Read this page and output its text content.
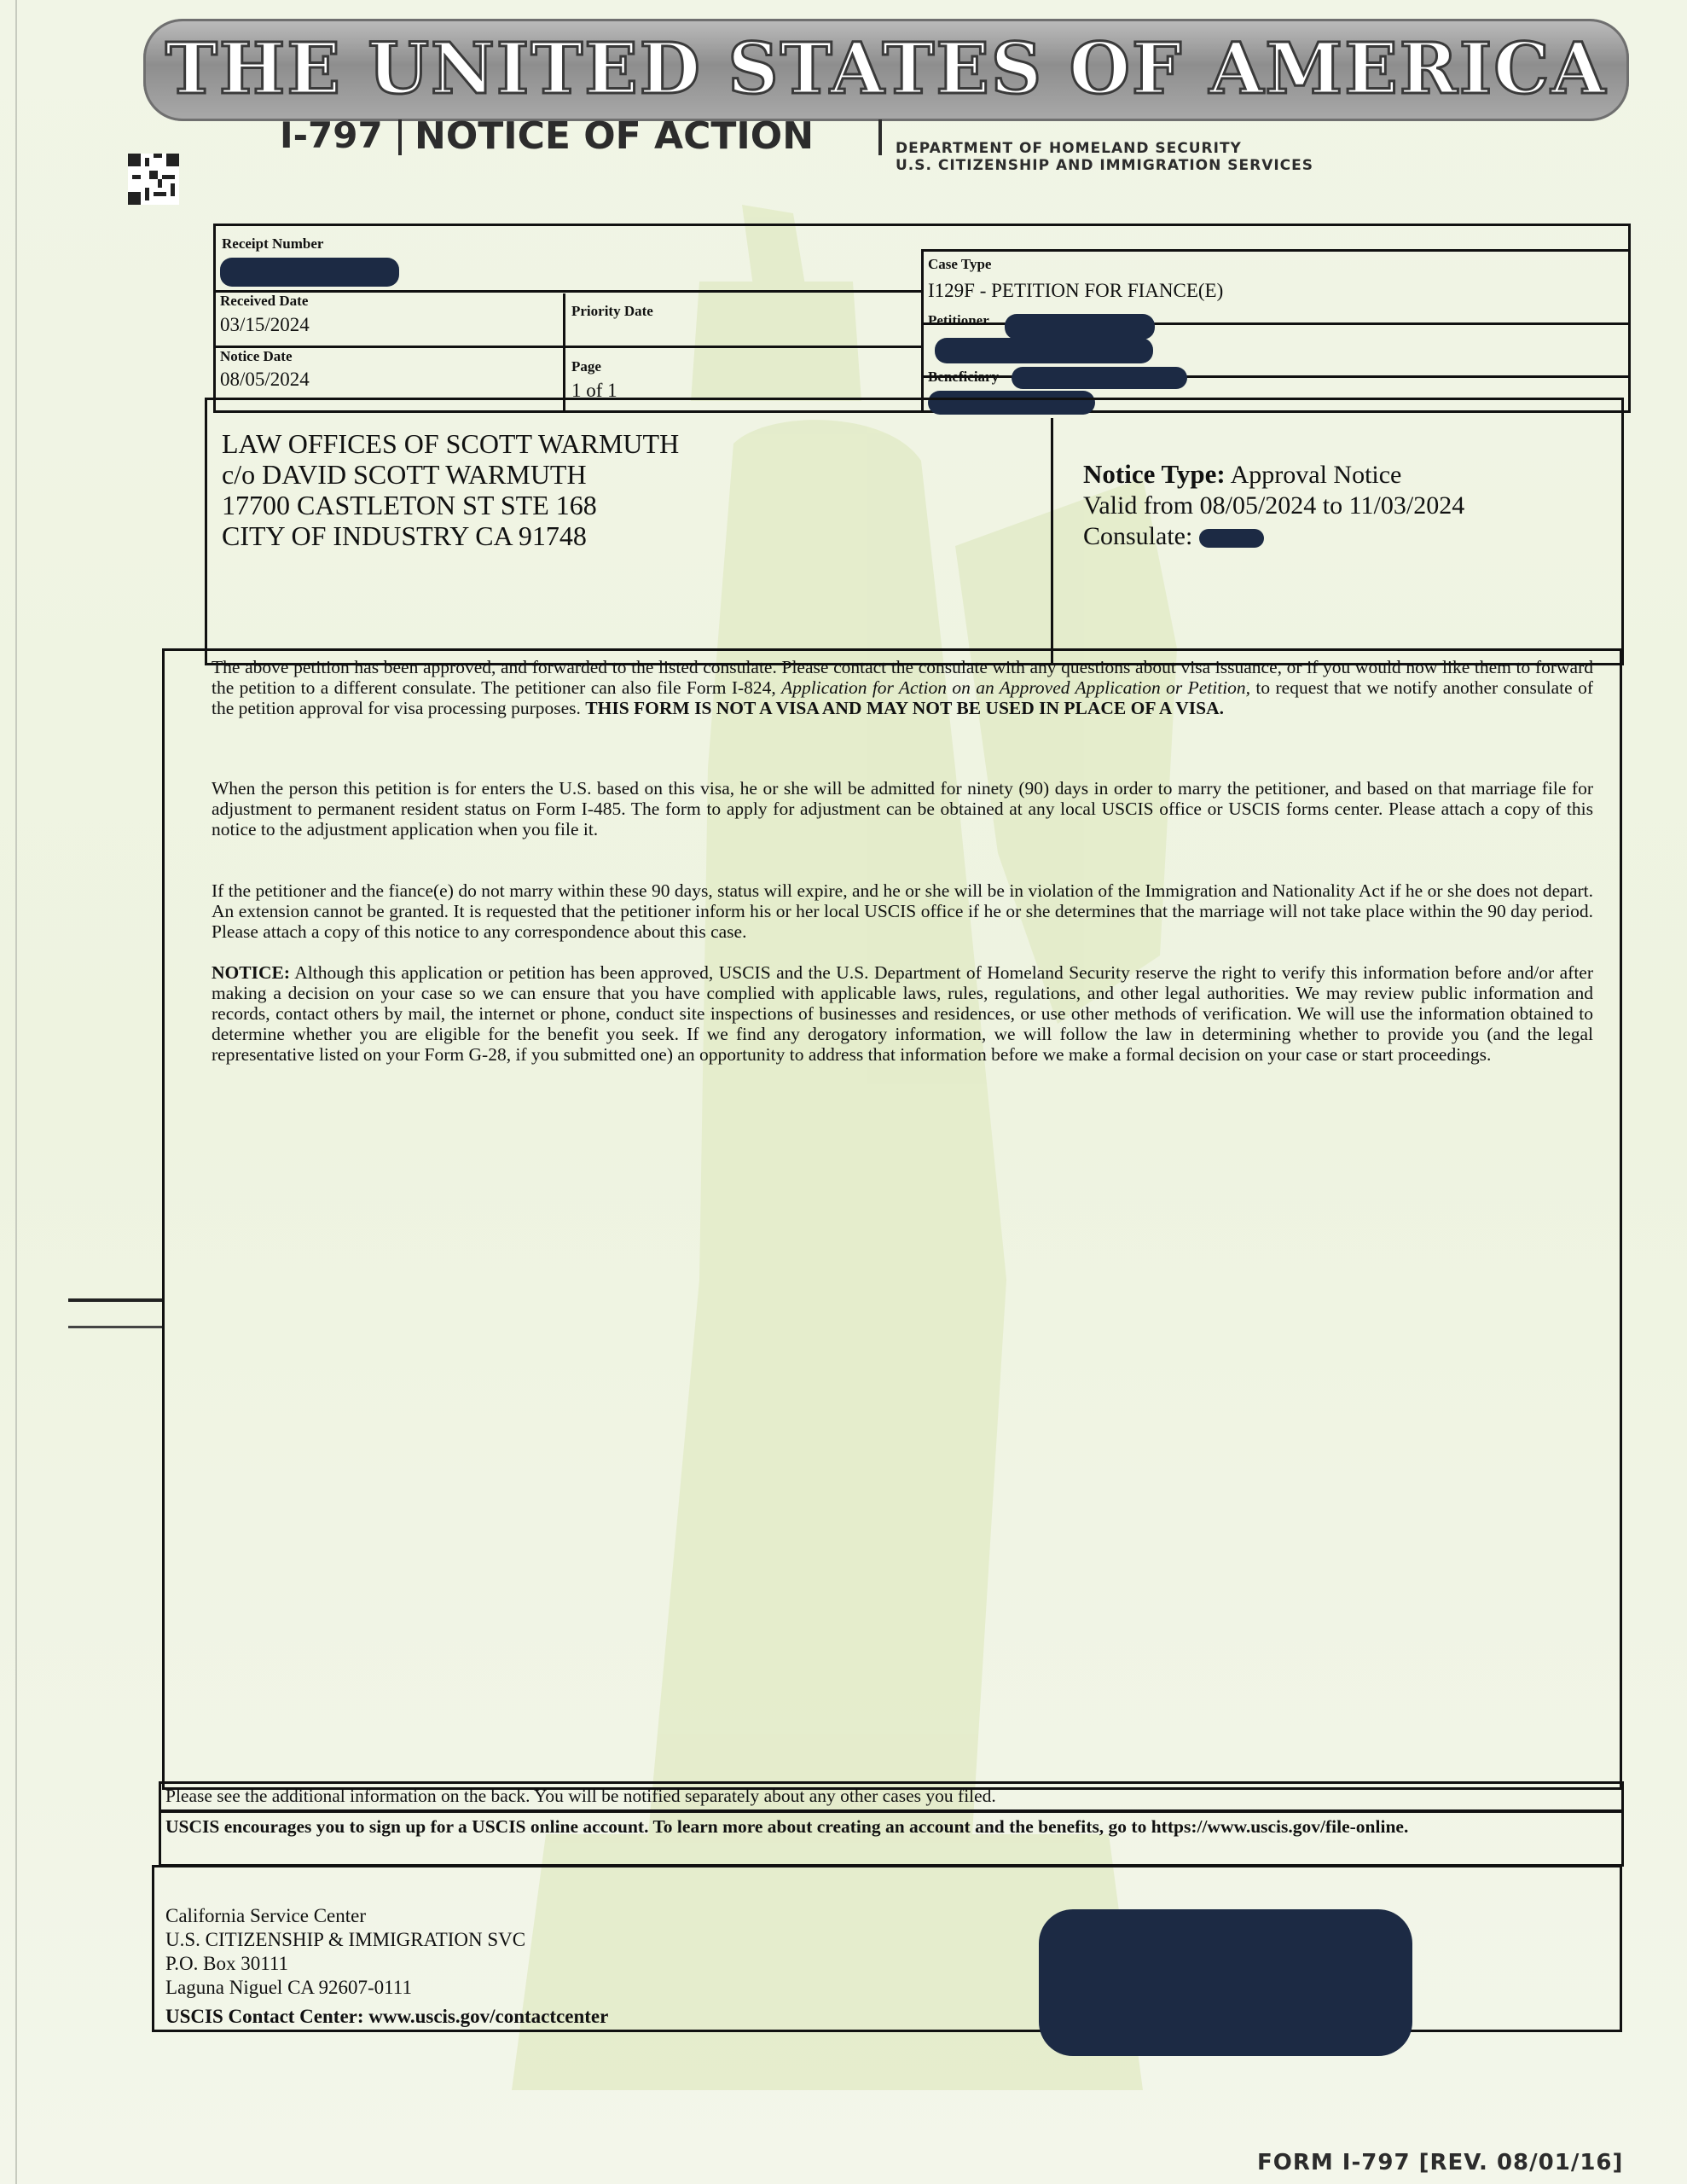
THE UNITED STATES OF AMERICA
I-797 NOTICE OF ACTION	DEPARTMENT OF HOMELAND SECURITY
U.S. CITIZENSHIP AND IMMIGRATION SERVICES
Receipt Number
Case Type
I129F - PETITION FOR FIANCE(E)
Received Date
03/15/2024
Priority Date
Petitioner
Notice Date
08/05/2024
Page
1 of 1
Beneficiary
LAW OFFICES OF SCOTT WARMUTH
c/o DAVID SCOTT WARMUTH
17700 CASTLETON ST STE 168
CITY OF INDUSTRY CA 91748
Notice Type: Approval Notice
Valid from 08/05/2024 to 11/03/2024
Consulate:
The above petition has been approved, and forwarded to the listed consulate. Please contact the consulate with any questions about visa issuance, or if you would now like them to forward the petition to a different consulate. The petitioner can also file Form I-824, Application for Action on an Approved Application or Petition, to request that we notify another consulate of the petition approval for visa processing purposes. THIS FORM IS NOT A VISA AND MAY NOT BE USED IN PLACE OF A VISA.
When the person this petition is for enters the U.S. based on this visa, he or she will be admitted for ninety (90) days in order to marry the petitioner, and based on that marriage file for adjustment to permanent resident status on Form I-485. The form to apply for adjustment can be obtained at any local USCIS office or USCIS forms center. Please attach a copy of this notice to the adjustment application when you file it.
If the petitioner and the fiance(e) do not marry within these 90 days, status will expire, and he or she will be in violation of the Immigration and Nationality Act if he or she does not depart. An extension cannot be granted. It is requested that the petitioner inform his or her local USCIS office if he or she determines that the marriage will not take place within the 90 day period. Please attach a copy of this notice to any correspondence about this case.
NOTICE: Although this application or petition has been approved, USCIS and the U.S. Department of Homeland Security reserve the right to verify this information before and/or after making a decision on your case so we can ensure that you have complied with applicable laws, rules, regulations, and other legal authorities. We may review public information and records, contact others by mail, the internet or phone, conduct site inspections of businesses and residences, or use other methods of verification. We will use the information obtained to determine whether you are eligible for the benefit you seek. If we find any derogatory information, we will follow the law in determining whether to provide you (and the legal representative listed on your Form G-28, if you submitted one) an opportunity to address that information before we make a formal decision on your case or start proceedings.
Please see the additional information on the back. You will be notified separately about any other cases you filed.
USCIS encourages you to sign up for a USCIS online account. To learn more about creating an account and the benefits, go to https://www.uscis.gov/file-online.
California Service Center
U.S. CITIZENSHIP & IMMIGRATION SVC
P.O. Box 30111
Laguna Niguel CA 92607-0111
USCIS Contact Center: www.uscis.gov/contactcenter
FORM I-797 [REV. 08/01/16]
